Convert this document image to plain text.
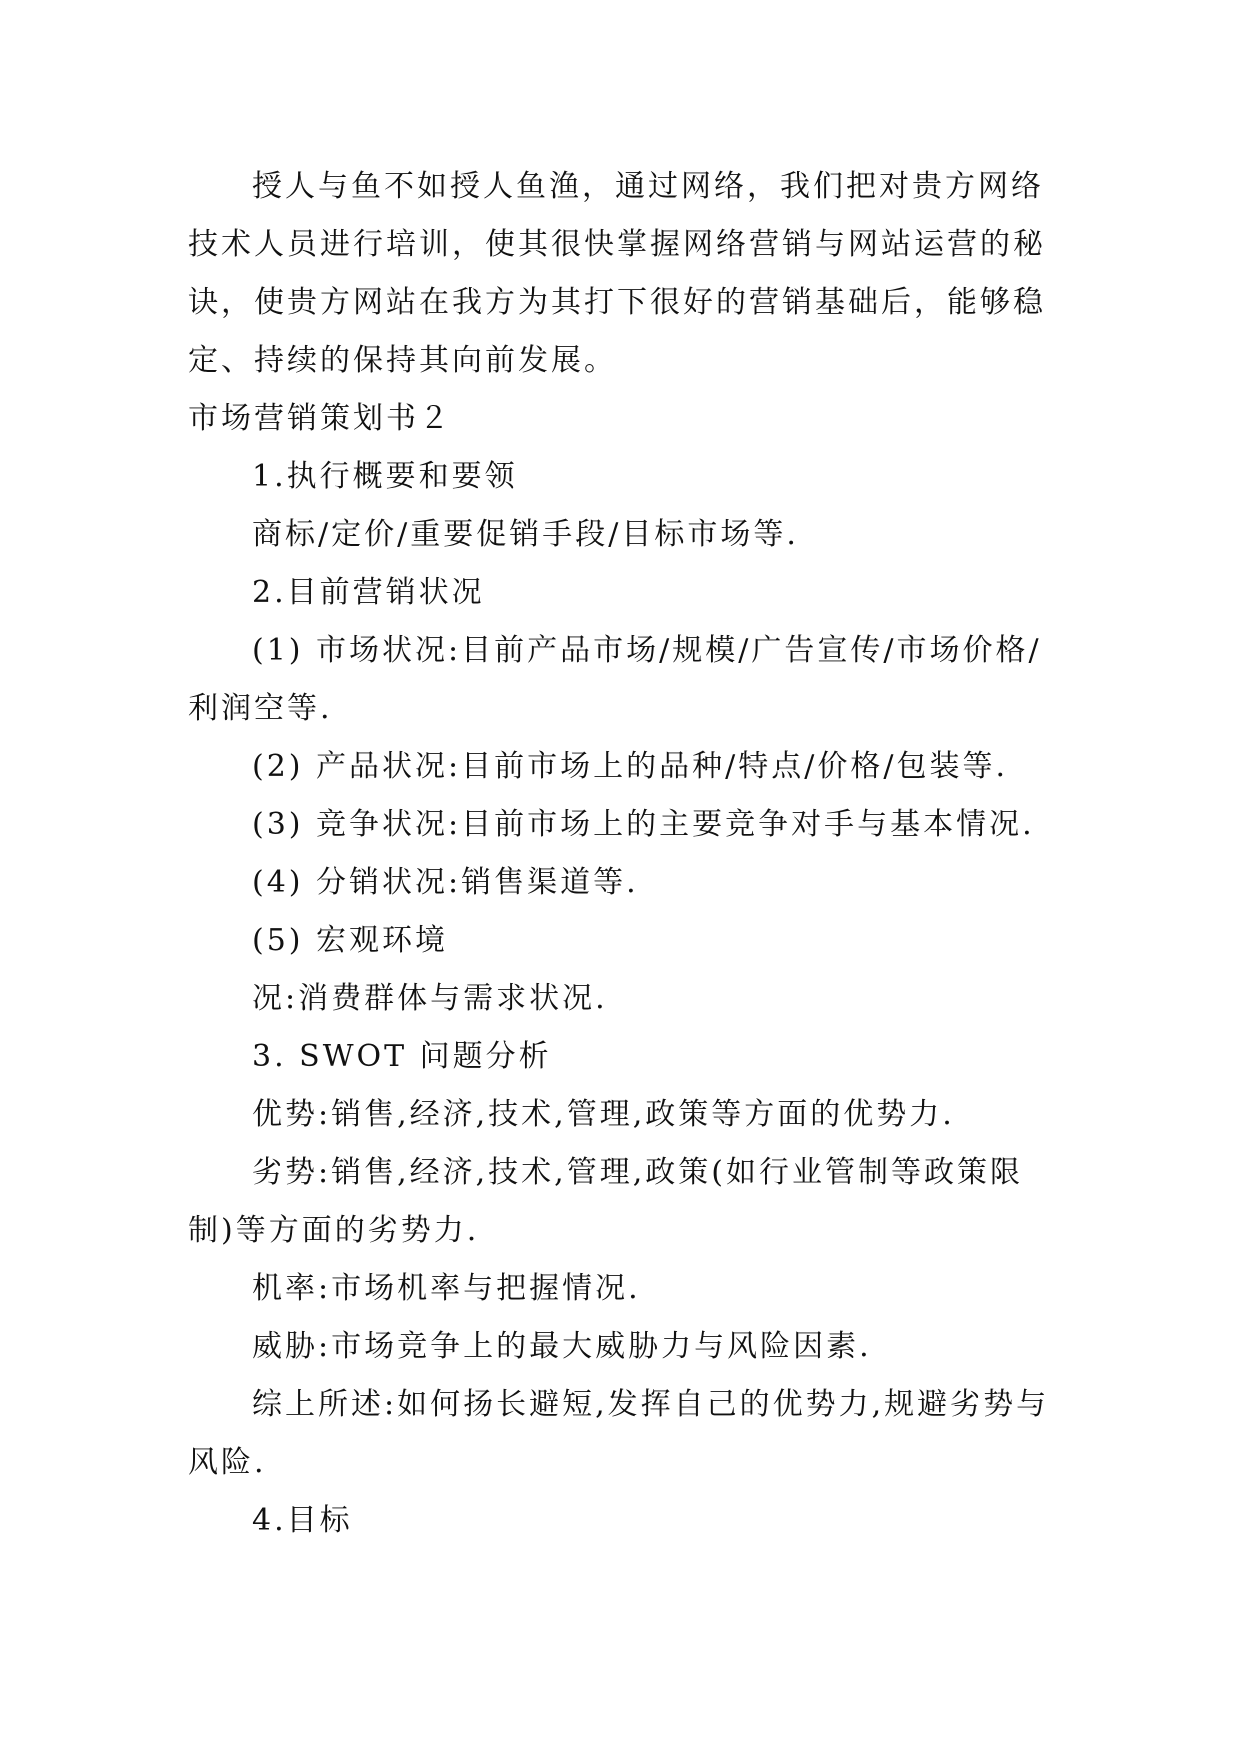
授人与鱼不如授人鱼渔，通过网络，我们把对贵方网络技术人员进行培训，使其很快掌握网络营销与网站运营的秘诀，使贵方网站在我方为其打下很好的营销基础后，能够稳定、持续的保持其向前发展。

市场营销策划书２

1.执行概要和要领

商标/定价/重要促销手段/目标市场等.

2.目前营销状况

(1) 市场状况:目前产品市场/规模/广告宣传/市场价格/利润空等.

(2) 产品状况:目前市场上的品种/特点/价格/包装等.

(3) 竞争状况:目前市场上的主要竞争对手与基本情况.

(4) 分销状况:销售渠道等.

(5) 宏观环境

况:消费群体与需求状况.

3. SWOT 问题分析

优势:销售,经济,技术,管理,政策等方面的优势力.

劣势:销售,经济,技术,管理,政策(如行业管制等政策限制)等方面的劣势力.

机率:市场机率与把握情况.

威胁:市场竞争上的最大威胁力与风险因素.

综上所述:如何扬长避短,发挥自己的优势力,规避劣势与风险.

4.目标
